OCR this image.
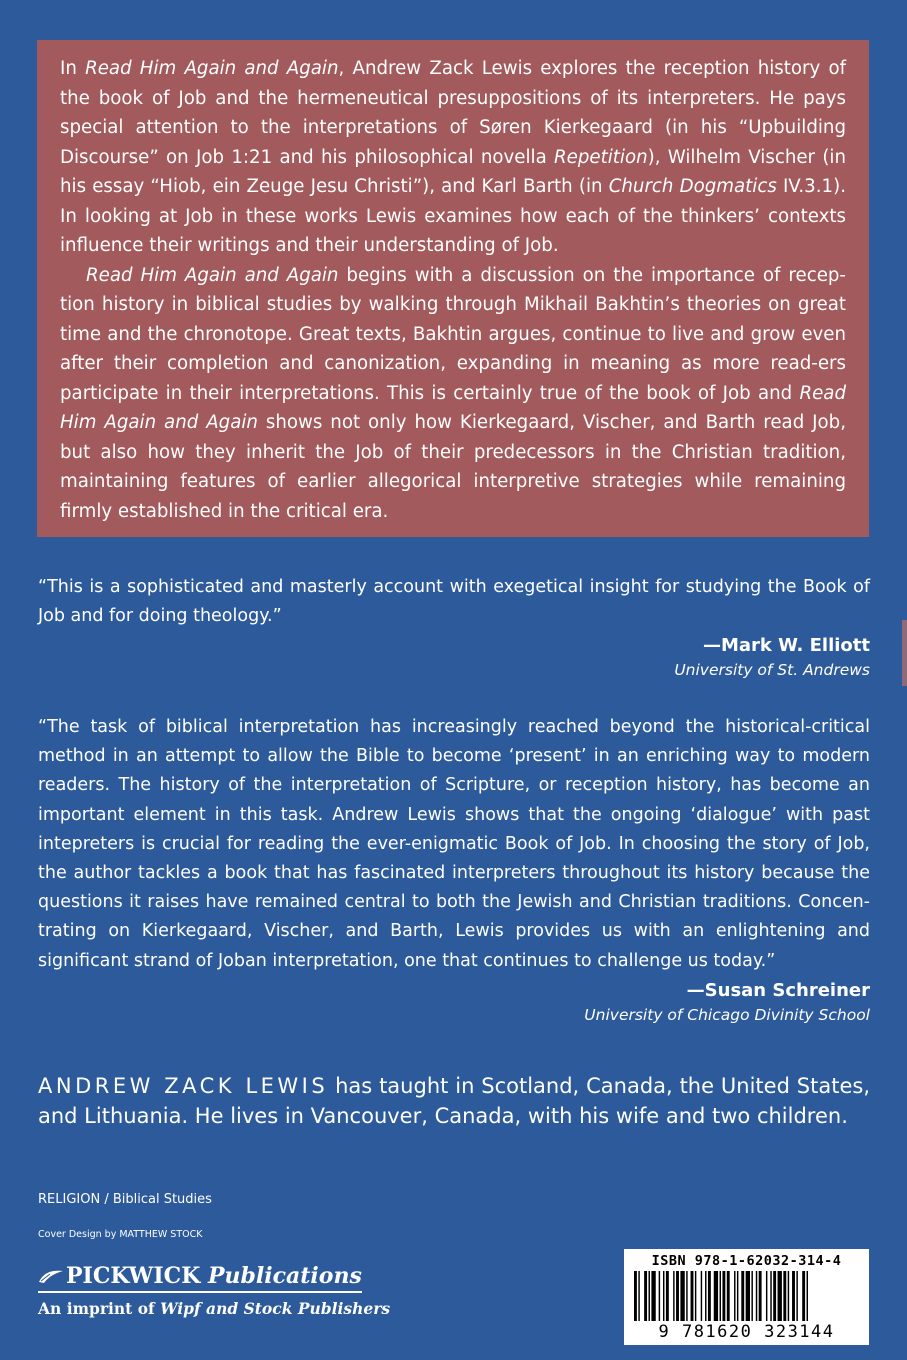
In Read Him Again and Again, Andrew Zack Lewis explores the reception history of the book of Job and the hermeneutical presuppositions of its interpreters. He pays special attention to the interpretations of Søren Kierkegaard (in his “Upbuilding Discourse” on Job 1:21 and his philosophical novella Repetition), Wilhelm Vischer (in his essay “Hiob, ein Zeuge Jesu Christi”), and Karl Barth (in Church Dogmatics IV.3.1). In looking at Job in these works Lewis examines how each of the thinkers’ contexts influence their writings and their understanding of Job.

Read Him Again and Again begins with a discussion on the importance of recep-tion history in biblical studies by walking through Mikhail Bakhtin’s theories on great time and the chronotope. Great texts, Bakhtin argues, continue to live and grow even after their completion and canonization, expanding in meaning as more read-ers participate in their interpretations. This is certainly true of the book of Job and Read Him Again and Again shows not only how Kierkegaard, Vischer, and Barth read Job, but also how they inherit the Job of their predecessors in the Christian tradition, maintaining features of earlier allegorical interpretive strategies while remaining firmly established in the critical era.

“This is a sophisticated and masterly account with exegetical insight for studying the Book of Job and for doing theology.”

—Mark W. Elliott
University of St. Andrews

“The task of biblical interpretation has increasingly reached beyond the historical-critical method in an attempt to allow the Bible to become ‘present’ in an enriching way to modern readers. The history of the interpretation of Scripture, or reception history, has become an important element in this task. Andrew Lewis shows that the ongoing ‘dialogue’ with past intepreters is crucial for reading the ever-enigmatic Book of Job. In choosing the story of Job, the author tackles a book that has fascinated interpreters throughout its history because the questions it raises have remained central to both the Jewish and Christian traditions. Concen-trating on Kierkegaard, Vischer, and Barth, Lewis provides us with an enlightening and significant strand of Joban interpretation, one that continues to challenge us today.”

—Susan Schreiner
University of Chicago Divinity School

ANDREW ZACK LEWIS has taught in Scotland, Canada, the United States, and Lithuania. He lives in Vancouver, Canada, with his wife and two children.

RELIGION / Biblical Studies
Cover Design by MATTHEW STOCK
PICKWICK Publications
An imprint of Wipf and Stock Publishers
ISBN 978-1-62032-314-4
9 781620 323144
